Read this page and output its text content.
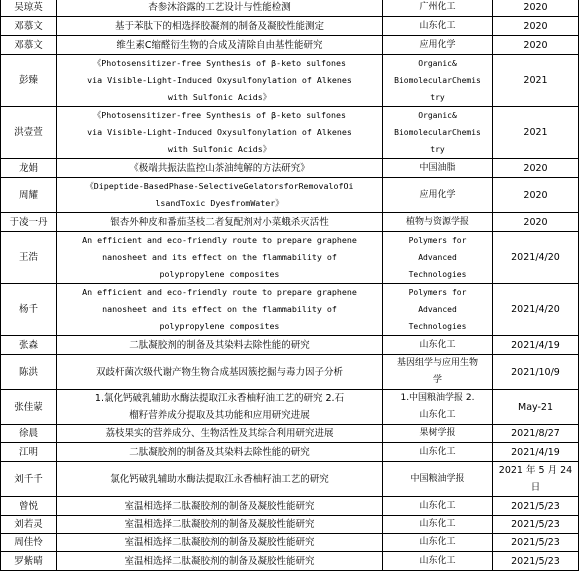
吴琼英	杏参沐浴露的工艺设计与性能检测	广州化工	2020

邓慕文	基于苯肽下的相选择胶凝剂的制备及凝胶性能测定	山东化工	2020

邓慕文	维生素C缩醛衍生物的合成及清除自由基性能研究	应用化学	2020

彭臻	《Photosensitizer-free Synthesis of β-keto sulfones
via Visible-Light-Induced Oxysulfonylation of Alkenes
with Sulfonic Acids》	Organic&
BiomolecularChemis
try	2021

洪壹萱	《Photosensitizer-free Synthesis of β-keto sulfones
via Visible-Light-Induced Oxysulfonylation of Alkenes
with Sulfonic Acids》	Organic&
BiomolecularChemis
try	2021

龙娟	《极端共振法监控山茶油纯解的方法研究》	中国油脂	2020

周耀	《Dipeptide-BasedPhase-SelectiveGelatorsforRemovalofOi
lsandToxic DyesfromWater》	应用化学	2020

于凌一丹	银杏外种皮和番茄茎枝二者复配剂对小菜蛾杀灭活性	植物与资源学报	2020

王浩	An efficient and eco-friendly route to prepare graphene
nanosheet and its effect on the flammability of
polypropylene composites	Polymers for
Advanced
Technologies	2021/4/20

杨千	An efficient and eco-friendly route to prepare graphene
nanosheet and its effect on the flammability of
polypropylene composites	Polymers for
Advanced
Technologies	2021/4/20

张森	二肽凝胶剂的制备及其染料去除性能的研究	山东化工	2021/4/19

陈洪	双歧杆菌次级代谢产物生物合成基因簇挖掘与毒力因子分析	基因组学与应用生物
学	2021/10/9

张佳蒙	1.氯化钙破乳辅助水酶法提取江永香柚籽油工艺的研究 2.石
榴籽营养成分提取及其功能和应用研究进展	1.中国粮油学报 2.
山东化工	May-21

徐晨	荔枝果实的营养成分、生物活性及其综合利用研究进展	果树学报	2021/8/27

江明	二肽凝胶剂的制备及其染料去除性能的研究	山东化工	2021/4/19

刘千千	氯化钙破乳辅助水酶法提取江永香柚籽油工艺的研究	中国粮油学报	2021 年 5 月 24
日

曾悦	室温相选择二肽凝胶剂的制备及凝胶性能研究	山东化工	2021/5/23

刘若灵	室温相选择二肽凝胶剂的制备及凝胶性能研究	山东化工	2021/5/23

周佳怜	室温相选择二肽凝胶剂的制备及凝胶性能研究	山东化工	2021/5/23

罗紫晴	室温相选择二肽凝胶剂的制备及凝胶性能研究	山东化工	2021/5/23
